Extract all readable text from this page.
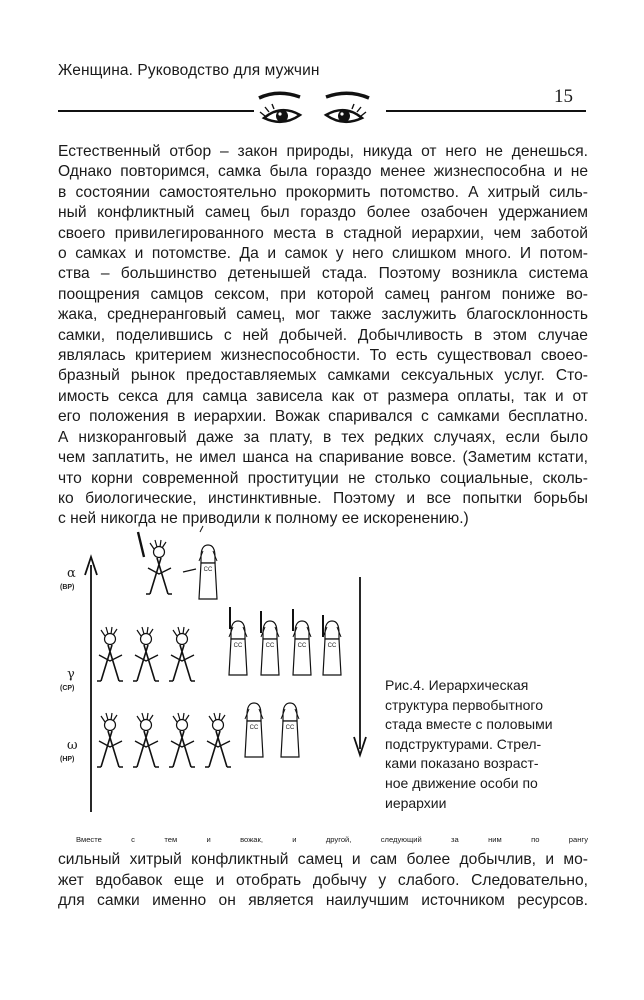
Женщина. Руководство для мужчин
15
Естественный отбор – закон природы, никуда от него не денешься.
Однако повторимся, самка была гораздо менее жизнеспособна и не
в состоянии самостоятельно прокормить потомство. А хитрый силь-
ный конфликтный самец был гораздо более озабочен удержанием
своего привилегированного места в стадной иерархии, чем заботой
о самках и потомстве. Да и самок у него слишком много. И потом-
ства – большинство детенышей стада. Поэтому возникла система
поощрения самцов сексом, при которой самец рангом пониже во-
жака, среднеранговый самец, мог также заслужить благосклонность
самки, поделившись с ней добычей. Добычливость в этом случае
являлась критерием жизнеспособности. То есть существовал своео-
бразный рынок предоставляемых самками сексуальных услуг. Сто-
имость секса для самца зависела как от размера оплаты, так и от
его положения в иерархии. Вожак спаривался с самками бесплатно.
А низкоранговый даже за плату, в тех редких случаях, если было
чем заплатить, не имел шанса на спаривание вовсе. (Заметим кстати,
что корни современной проституции не столько социальные, сколь-
ко биологические, инстинктивные. Поэтому и все попытки борьбы
с ней никогда не приводили к полному ее искоренению.)
CC
α
(ВР)
γ
(СР)
ω
(НР)
Рис.4. Иерархическая
структура первобытного
стада вместе с половыми
подструктурами. Стрел-
ками показано возраст-
ное движение особи по
иерархии
Вместе с тем и вожак, и другой, следующий за ним по рангу
сильный хитрый конфликтный самец и сам более добычлив, и мо-
жет вдобавок еще и отобрать добычу у слабого. Следовательно,
для самки именно он является наилучшим источником ресурсов.
